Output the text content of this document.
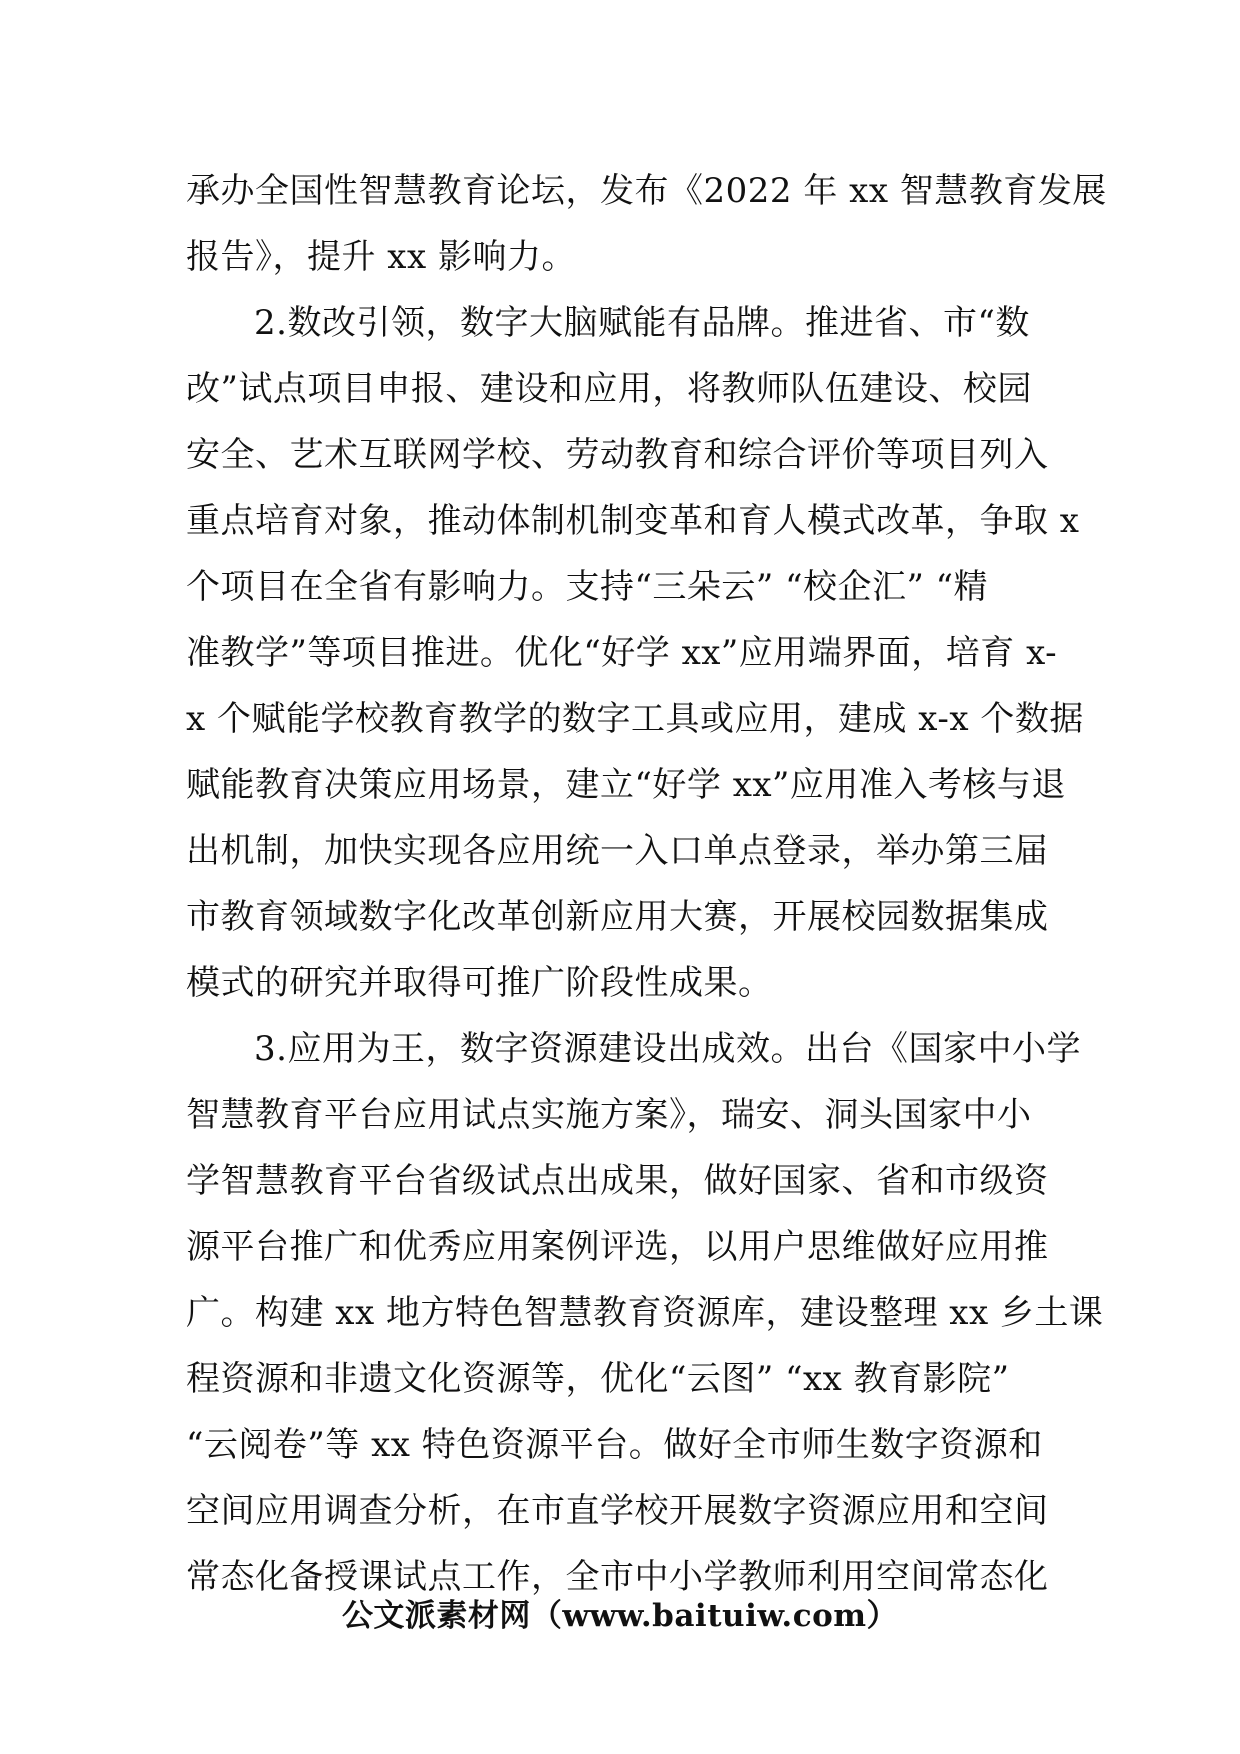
承办全国性智慧教育论坛，发布《2022 年 xx 智慧教育发展
报告》，提升 xx 影响力。
2.数改引领，数字大脑赋能有品牌。推进省、市“数
改”试点项目申报、建设和应用，将教师队伍建设、校园
安全、艺术互联网学校、劳动教育和综合评价等项目列入
重点培育对象，推动体制机制变革和育人模式改革，争取 x
个项目在全省有影响力。支持“三朵云” “校企汇” “精
准教学”等项目推进。优化“好学 xx”应用端界面，培育 x-
x 个赋能学校教育教学的数字工具或应用，建成 x-x 个数据
赋能教育决策应用场景，建立“好学 xx”应用准入考核与退
出机制，加快实现各应用统一入口单点登录，举办第三届
市教育领域数字化改革创新应用大赛，开展校园数据集成
模式的研究并取得可推广阶段性成果。
3.应用为王，数字资源建设出成效。出台《国家中小学
智慧教育平台应用试点实施方案》，瑞安、洞头国家中小
学智慧教育平台省级试点出成果，做好国家、省和市级资
源平台推广和优秀应用案例评选，以用户思维做好应用推
广。构建 xx 地方特色智慧教育资源库，建设整理 xx 乡土课
程资源和非遗文化资源等，优化“云图” “xx 教育影院”
“云阅卷”等 xx 特色资源平台。做好全市师生数字资源和
空间应用调查分析，在市直学校开展数字资源应用和空间
常态化备授课试点工作，全市中小学教师利用空间常态化
公文派素材网（www.baituiw.com）
